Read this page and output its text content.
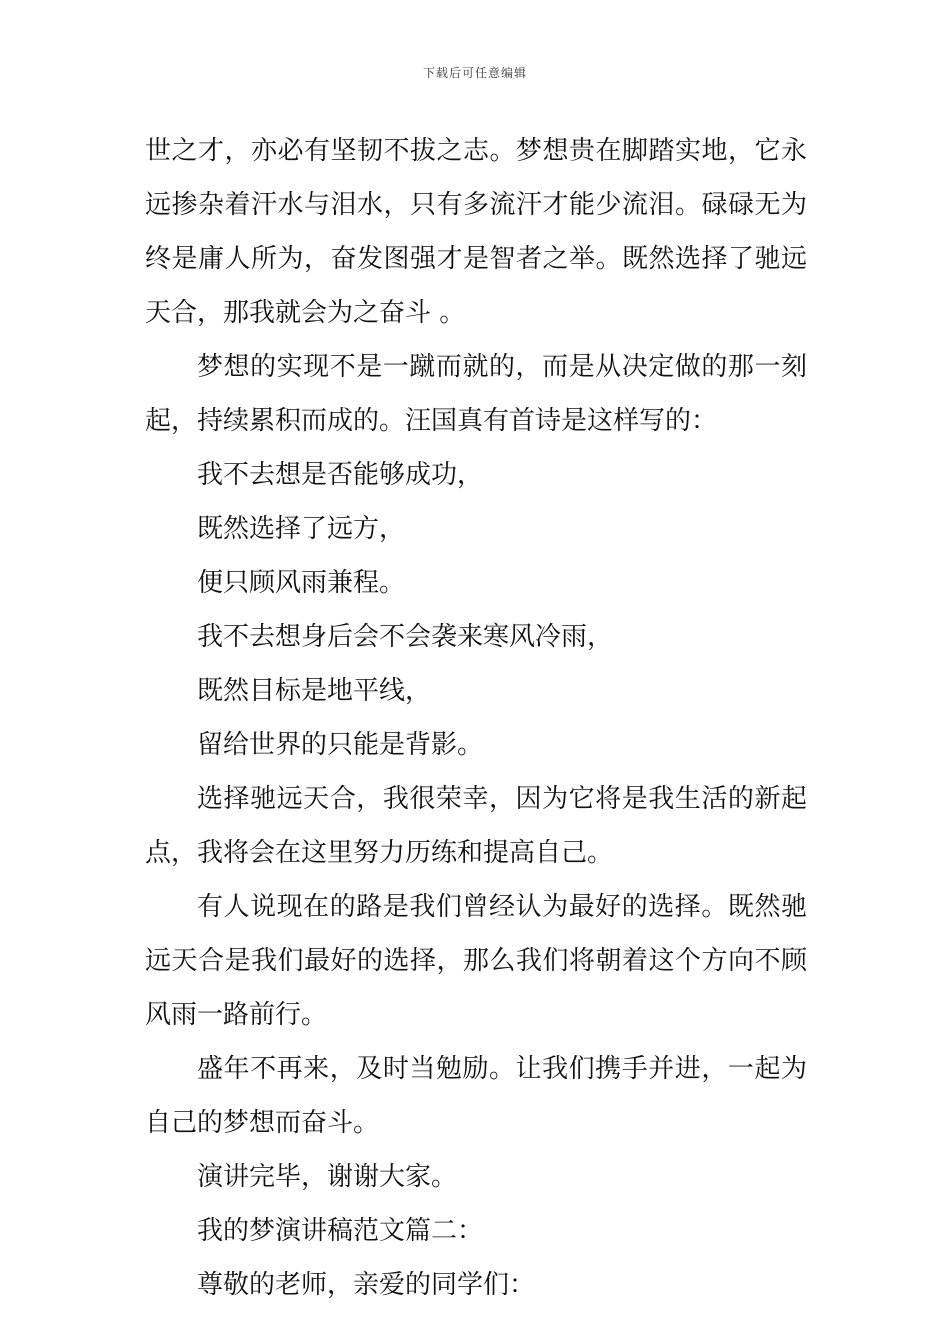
下载后可任意编辑

世之才，亦必有坚韧不拔之志。梦想贵在脚踏实地，它永远掺杂着汗水与泪水，只有多流汗才能少流泪。碌碌无为终是庸人所为，奋发图强才是智者之举。既然选择了驰远天合，那我就会为之奋斗 。

梦想的实现不是一蹴而就的，而是从决定做的那一刻起，持续累积而成的。汪国真有首诗是这样写的：

我不去想是否能够成功，

既然选择了远方，

便只顾风雨兼程。

我不去想身后会不会袭来寒风冷雨，

既然目标是地平线，

留给世界的只能是背影。

选择驰远天合，我很荣幸，因为它将是我生活的新起点，我将会在这里努力历练和提高自己。

有人说现在的路是我们曾经认为最好的选择。既然驰远天合是我们最好的选择，那么我们将朝着这个方向不顾风雨一路前行。

盛年不再来，及时当勉励。让我们携手并进，一起为自己的梦想而奋斗。

演讲完毕，谢谢大家。

我的梦演讲稿范文篇二：

尊敬的老师，亲爱的同学们：
